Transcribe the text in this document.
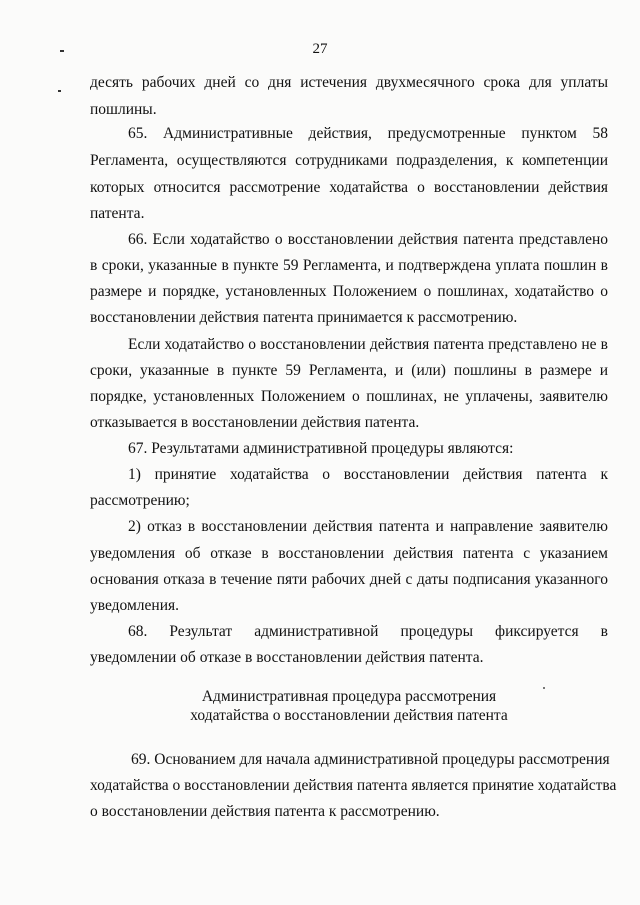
27
десять рабочих дней со дня истечения двухмесячного срока для уплаты
пошлины.
65. Административные действия, предусмотренные пунктом 58
Регламента, осуществляются сотрудниками подразделения, к компетенции
которых относится рассмотрение ходатайства о восстановлении действия
патента.
66. Если ходатайство о восстановлении действия патента представлено
в сроки, указанные в пункте 59 Регламента, и подтверждена уплата пошлин в
размере и порядке, установленных Положением о пошлинах, ходатайство о
восстановлении действия патента принимается к рассмотрению.
Если ходатайство о восстановлении действия патента представлено не в
сроки, указанные в пункте 59 Регламента, и (или) пошлины в размере и
порядке, установленных Положением о пошлинах, не уплачены, заявителю
отказывается в восстановлении действия патента.
67. Результатами административной процедуры являются:
1) принятие ходатайства о восстановлении действия патента к
рассмотрению;
2) отказ в восстановлении действия патента и направление заявителю
уведомления об отказе в восстановлении действия патента с указанием
основания отказа в течение пяти рабочих дней с даты подписания указанного
уведомления.
68. Результат административной процедуры фиксируется в
уведомлении об отказе в восстановлении действия патента.
Административная процедура рассмотрения
ходатайства о восстановлении действия патента
69. Основанием для начала административной процедуры рассмотрения
ходатайства о восстановлении действия патента является принятие ходатайства
о восстановлении действия патента к рассмотрению.
